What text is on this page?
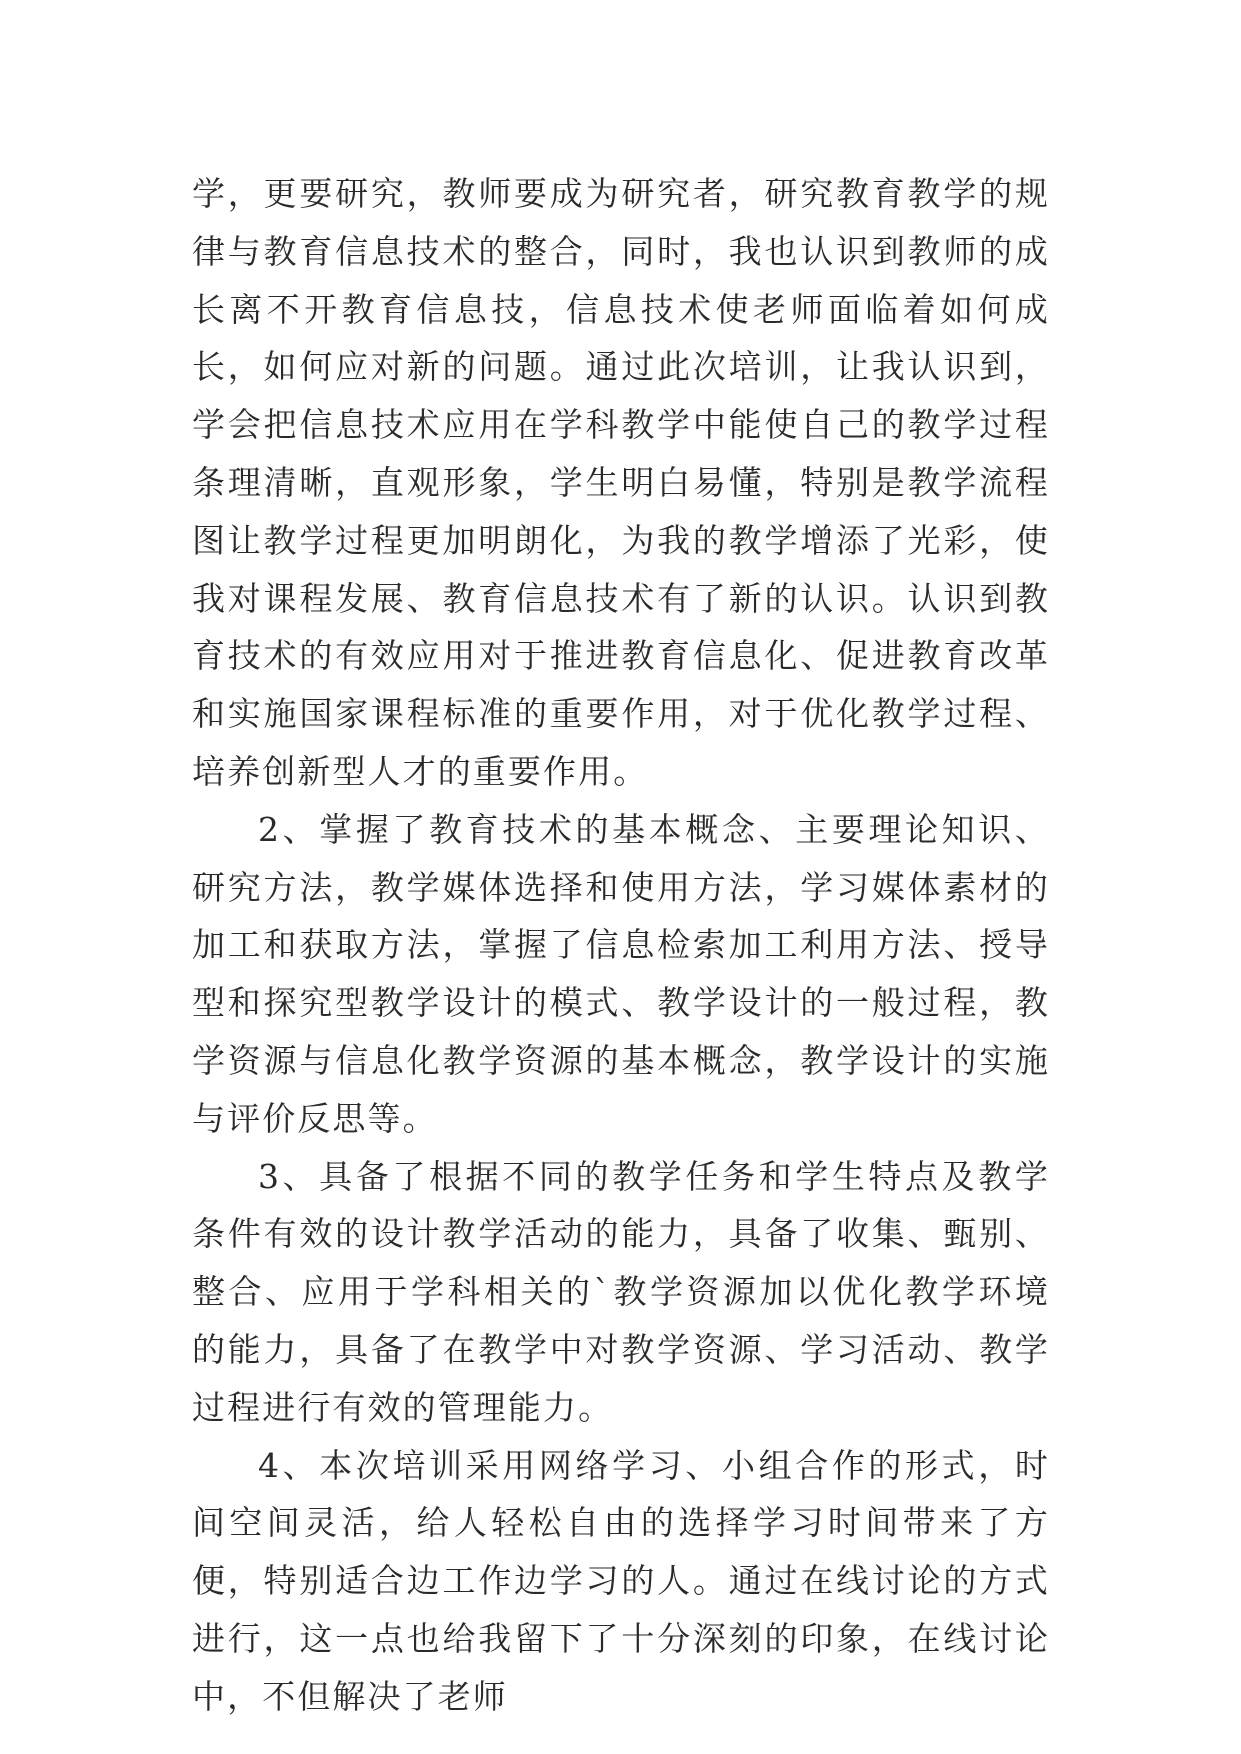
学，更要研究，教师要成为研究者，研究教育教学的规律与教育信息技术的整合，同时，我也认识到教师的成长离不开教育信息技，信息技术使老师面临着如何成长，如何应对新的问题。通过此次培训，让我认识到，学会把信息技术应用在学科教学中能使自己的教学过程条理清晰，直观形象，学生明白易懂，特别是教学流程图让教学过程更加明朗化，为我的教学增添了光彩，使我对课程发展、教育信息技术有了新的认识。认识到教育技术的有效应用对于推进教育信息化、促进教育改革和实施国家课程标准的重要作用，对于优化教学过程、培养创新型人才的重要作用。

2、掌握了教育技术的基本概念、主要理论知识、研究方法，教学媒体选择和使用方法，学习媒体素材的加工和获取方法，掌握了信息检索加工利用方法、授导型和探究型教学设计的模式、教学设计的一般过程，教学资源与信息化教学资源的基本概念，教学设计的实施与评价反思等。

3、具备了根据不同的教学任务和学生特点及教学条件有效的设计教学活动的能力，具备了收集、甄别、整合、应用于学科相关的`教学资源加以优化教学环境的能力，具备了在教学中对教学资源、学习活动、教学过程进行有效的管理能力。

4、本次培训采用网络学习、小组合作的形式，时间空间灵活，给人轻松自由的选择学习时间带来了方便，特别适合边工作边学习的人。通过在线讨论的方式进行，这一点也给我留下了十分深刻的印象，在线讨论中，不但解决了老师
